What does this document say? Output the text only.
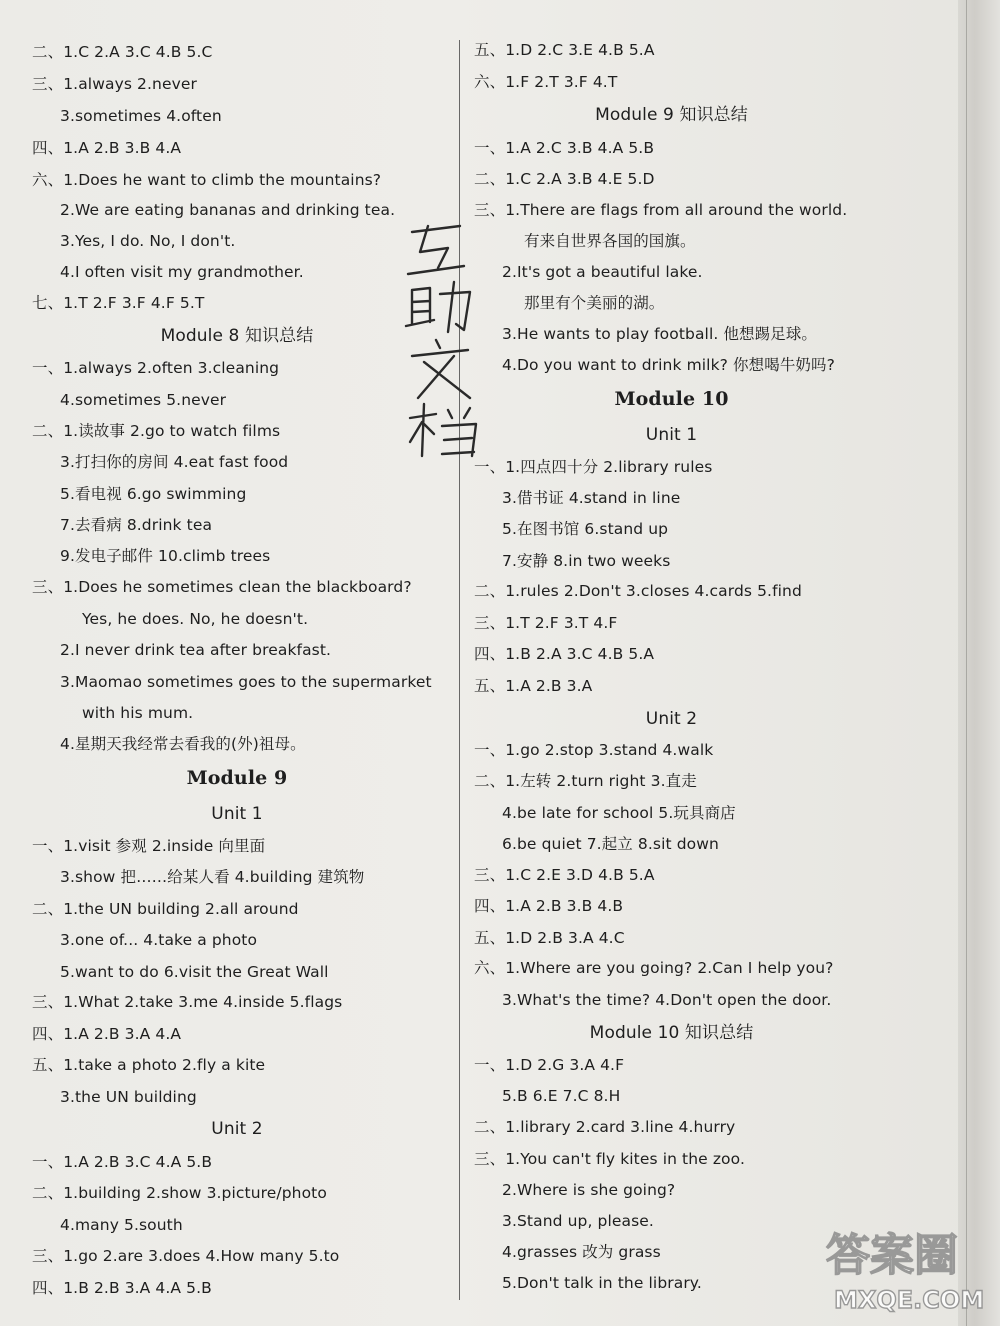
二、1.C 2.A 3.C 4.B 5.C
三、1.always 2.never
3.sometimes 4.often
四、1.A 2.B 3.B 4.A
六、1.Does he want to climb the mountains?
2.We are eating bananas and drinking tea.
3.Yes, I do. No, I don't.
4.I often visit my grandmother.
七、1.T 2.F 3.F 4.F 5.T
Module 8 知识总结
一、1.always 2.often 3.cleaning
4.sometimes 5.never
二、1.读故事 2.go to watch films
3.打扫你的房间 4.eat fast food
5.看电视 6.go swimming
7.去看病 8.drink tea
9.发电子邮件 10.climb trees
三、1.Does he sometimes clean the blackboard?
Yes, he does. No, he doesn't.
2.I never drink tea after breakfast.
3.Maomao sometimes goes to the supermarket
with his mum.
4.星期天我经常去看我的(外)祖母。
Module 9
Unit 1
一、1.visit 参观 2.inside 向里面
3.show 把……给某人看 4.building 建筑物
二、1.the UN building 2.all around
3.one of... 4.take a photo
5.want to do 6.visit the Great Wall
三、1.What 2.take 3.me 4.inside 5.flags
四、1.A 2.B 3.A 4.A
五、1.take a photo 2.fly a kite
3.the UN building
Unit 2
一、1.A 2.B 3.C 4.A 5.B
二、1.building 2.show 3.picture/photo
4.many 5.south
三、1.go 2.are 3.does 4.How many 5.to
四、1.B 2.B 3.A 4.A 5.B
五、1.D 2.C 3.E 4.B 5.A
六、1.F 2.T 3.F 4.T
Module 9 知识总结
一、1.A 2.C 3.B 4.A 5.B
二、1.C 2.A 3.B 4.E 5.D
三、1.There are flags from all around the world.
有来自世界各国的国旗。
2.It's got a beautiful lake.
那里有个美丽的湖。
3.He wants to play football. 他想踢足球。
4.Do you want to drink milk? 你想喝牛奶吗?
Module 10
Unit 1
一、1.四点四十分 2.library rules
3.借书证 4.stand in line
5.在图书馆 6.stand up
7.安静 8.in two weeks
二、1.rules 2.Don't 3.closes 4.cards 5.find
三、1.T 2.F 3.T 4.F
四、1.B 2.A 3.C 4.B 5.A
五、1.A 2.B 3.A
Unit 2
一、1.go 2.stop 3.stand 4.walk
二、1.左转 2.turn right 3.直走
4.be late for school 5.玩具商店
6.be quiet 7.起立 8.sit down
三、1.C 2.E 3.D 4.B 5.A
四、1.A 2.B 3.B 4.B
五、1.D 2.B 3.A 4.C
六、1.Where are you going? 2.Can I help you?
3.What's the time? 4.Don't open the door.
Module 10 知识总结
一、1.D 2.G 3.A 4.F
5.B 6.E 7.C 8.H
二、1.library 2.card 3.line 4.hurry
三、1.You can't fly kites in the zoo.
2.Where is she going?
3.Stand up, please.
4.grasses 改为 grass
5.Don't talk in the library.
答案圈
MXQE.COM
